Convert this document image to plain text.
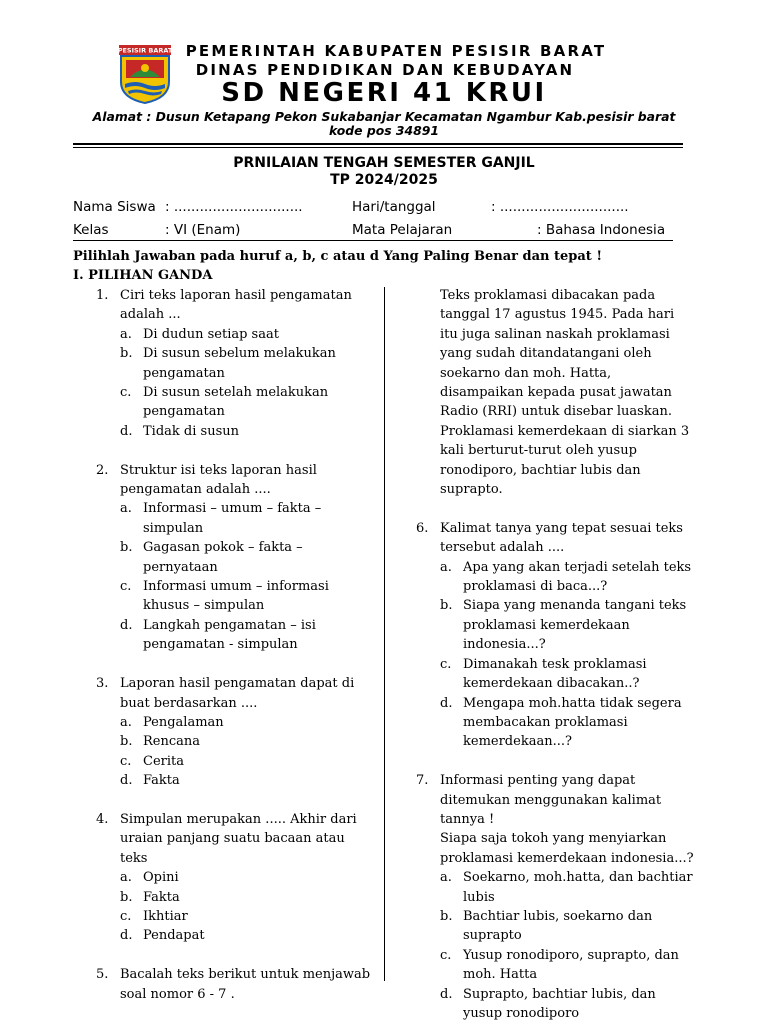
PESISIR BARAT PEMERINTAH KABUPATEN PESISIR BARAT
DINAS PENDIDIKAN DAN KEBUDAYAN
SD NEGERI 41 KRUI
Alamat : Dusun Ketapang Pekon Sukabanjar Kecamatan Ngambur Kab.pesisir barat
kode pos 34891
PRNILAIAN TENGAH SEMESTER GANJIL
TP 2024/2025
Nama Siswa : ..............................	Hari/tanggal	: ..............................
Kelas	: VI (Enam)	Mata Pelajaran	: Bahasa Indonesia
Pilihlah Jawaban pada huruf a, b, c atau d Yang Paling Benar dan tepat !
I. PILIHAN GANDA
1. Ciri teks laporan hasil pengamatan adalah ...
a. Di dudun setiap saat
b. Di susun sebelum melakukan pengamatan
c. Di susun setelah melakukan pengamatan
d. Tidak di susun
2. Struktur isi teks laporan hasil pengamatan adalah ....
a. Informasi – umum – fakta – simpulan
b. Gagasan pokok – fakta – pernyataan
c. Informasi umum – informasi khusus – simpulan
d. Langkah pengamatan – isi pengamatan - simpulan
3. Laporan hasil pengamatan dapat di buat berdasarkan ....
a. Pengalaman
b. Rencana
c. Cerita
d. Fakta
4. Simpulan merupakan ..... Akhir dari uraian panjang suatu bacaan atau teks
a. Opini
b. Fakta
c. Ikhtiar
d. Pendapat
5. Bacalah teks berikut untuk menjawab soal nomor 6 - 7 .
Teks proklamasi dibacakan pada tanggal 17 agustus 1945. Pada hari itu juga salinan naskah proklamasi yang sudah ditandatangani oleh soekarno dan moh. Hatta, disampaikan kepada pusat jawatan Radio (RRI) untuk disebar luaskan. Proklamasi kemerdekaan di siarkan 3 kali berturut-turut oleh yusup ronodiporo, bachtiar lubis dan suprapto.
6. Kalimat tanya yang tepat sesuai teks tersebut adalah ....
a. Apa yang akan terjadi setelah teks proklamasi di baca...?
b. Siapa yang menanda tangani teks proklamasi kemerdekaan indonesia...?
c. Dimanakah tesk proklamasi kemerdekaan dibacakan..?
d. Mengapa moh.hatta tidak segera membacakan proklamasi kemerdekaan...?
7. Informasi penting yang dapat ditemukan menggunakan kalimat tannya !
Siapa saja tokoh yang menyiarkan proklamasi kemerdekaan indonesia...?
a. Soekarno, moh.hatta, dan bachtiar lubis
b. Bachtiar lubis, soekarno dan suprapto
c. Yusup ronodiporo, suprapto, dan moh. Hatta
d. Suprapto, bachtiar lubis, dan yusup ronodiporo
